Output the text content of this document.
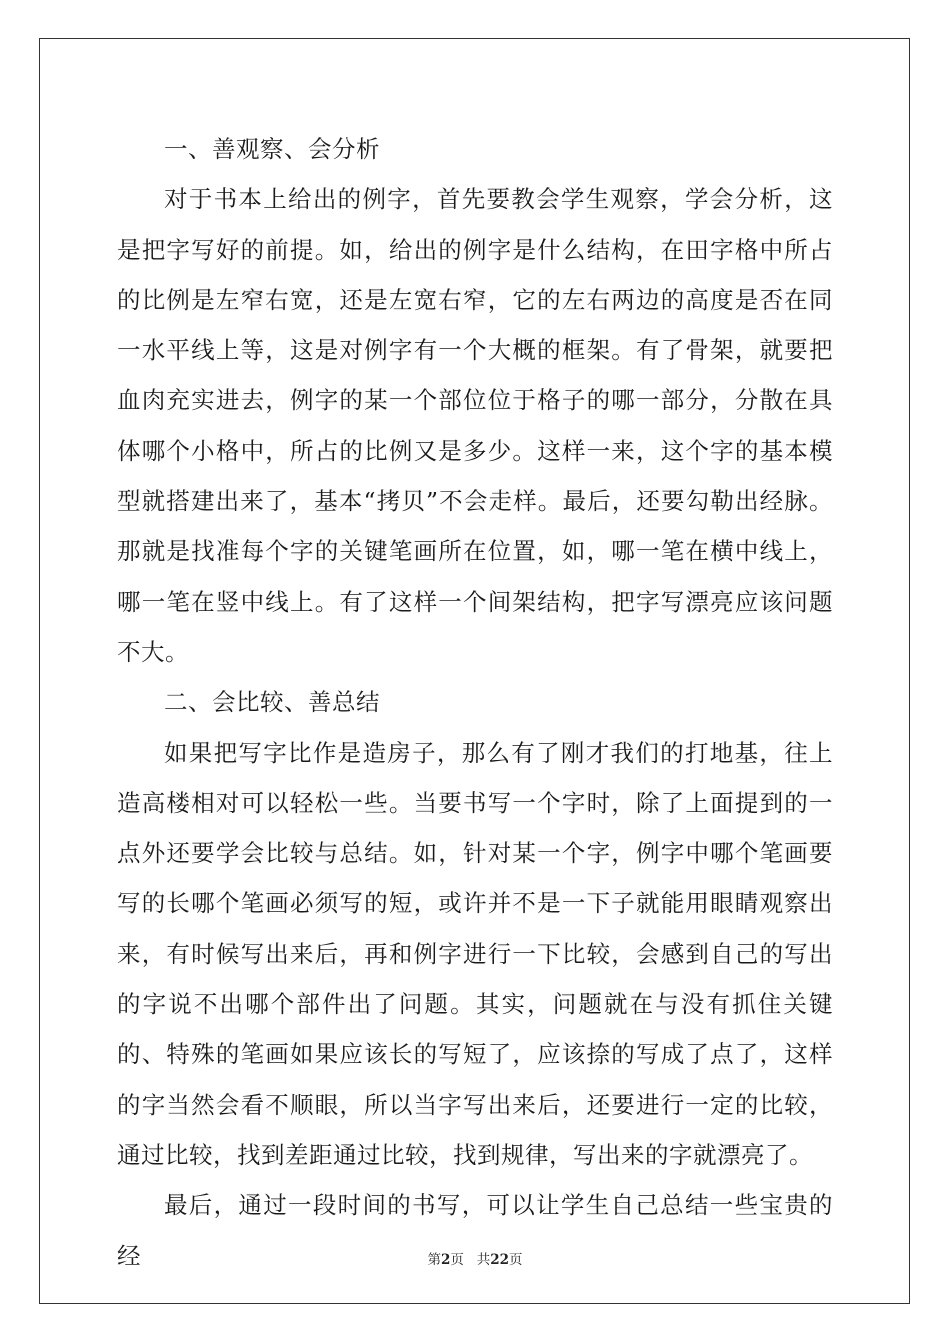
一、善观察、会分析

对于书本上给出的例字，首先要教会学生观察，学会分析，这是把字写好的前提。如，给出的例字是什么结构，在田字格中所占的比例是左窄右宽，还是左宽右窄，它的左右两边的高度是否在同一水平线上等，这是对例字有一个大概的框架。有了骨架，就要把血肉充实进去，例字的某一个部位位于格子的哪一部分，分散在具体哪个小格中，所占的比例又是多少。这样一来，这个字的基本模型就搭建出来了，基本“拷贝”不会走样。最后，还要勾勒出经脉。那就是找准每个字的关键笔画所在位置，如，哪一笔在横中线上，哪一笔在竖中线上。有了这样一个间架结构，把字写漂亮应该问题不大。

二、会比较、善总结

如果把写字比作是造房子，那么有了刚才我们的打地基，往上造高楼相对可以轻松一些。当要书写一个字时，除了上面提到的一点外还要学会比较与总结。如，针对某一个字，例字中哪个笔画要写的长哪个笔画必须写的短，或许并不是一下子就能用眼睛观察出来，有时候写出来后，再和例字进行一下比较，会感到自己的写出的字说不出哪个部件出了问题。其实，问题就在与没有抓住关键的、特殊的笔画如果应该长的写短了，应该捺的写成了点了，这样的字当然会看不顺眼，所以当字写出来后，还要进行一定的比较，通过比较，找到差距通过比较，找到规律，写出来的字就漂亮了。

最后，通过一段时间的书写，可以让学生自己总结一些宝贵的经	第2页 共22页
